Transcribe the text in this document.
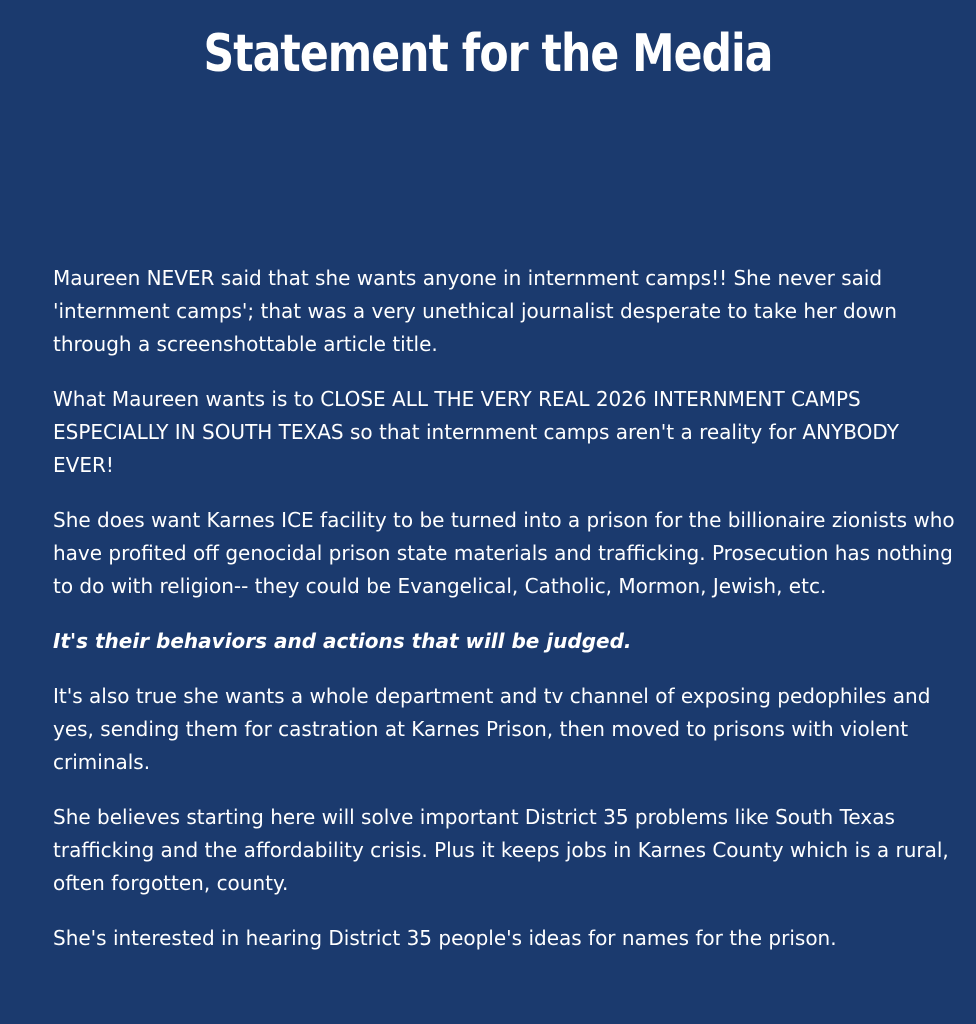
Statement for the Media

Maureen NEVER said that she wants anyone in internment camps!! She never said 'internment camps'; that was a very unethical journalist desperate to take her down through a screenshottable article title.

What Maureen wants is to CLOSE ALL THE VERY REAL 2026 INTERNMENT CAMPS ESPECIALLY IN SOUTH TEXAS so that internment camps aren't a reality for ANYBODY EVER!

She does want Karnes ICE facility to be turned into a prison for the billionaire zionists who have profited off genocidal prison state materials and trafficking. Prosecution has nothing to do with religion-- they could be Evangelical, Catholic, Mormon, Jewish, etc.

It's their behaviors and actions that will be judged.

It's also true she wants a whole department and tv channel of exposing pedophiles and yes, sending them for castration at Karnes Prison, then moved to prisons with violent criminals.

She believes starting here will solve important District 35 problems like South Texas trafficking and the affordability crisis. Plus it keeps jobs in Karnes County which is a rural, often forgotten, county.

She's interested in hearing District 35 people's ideas for names for the prison.
